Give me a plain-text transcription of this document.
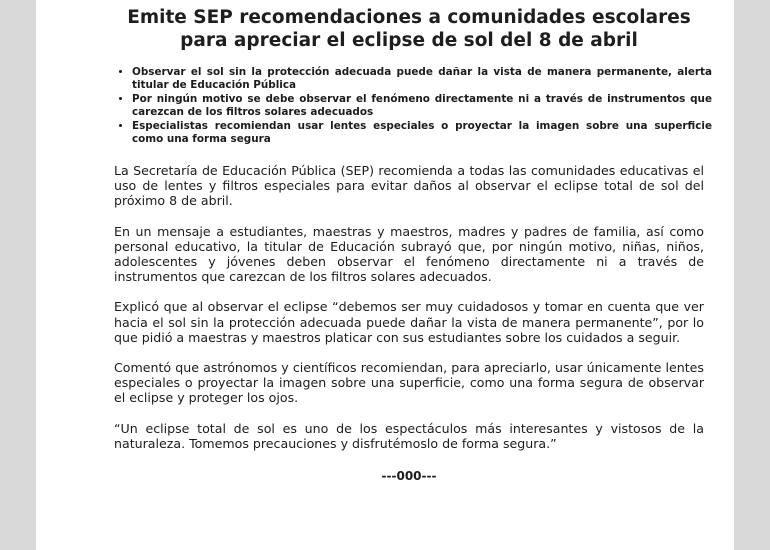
Emite SEP recomendaciones a comunidades escolares
para apreciar el eclipse de sol del 8 de abril
• Observar el sol sin la protección adecuada puede dañar la vista de manera permanente, alerta titular de Educación Pública
• Por ningún motivo se debe observar el fenómeno directamente ni a través de instrumentos que carezcan de los filtros solares adecuados
• Especialistas recomiendan usar lentes especiales o proyectar la imagen sobre una superficie como una forma segura

La Secretaría de Educación Pública (SEP) recomienda a todas las comunidades educativas el uso de lentes y filtros especiales para evitar daños al observar el eclipse total de sol del próximo 8 de abril.

En un mensaje a estudiantes, maestras y maestros, madres y padres de familia, así como personal educativo, la titular de Educación subrayó que, por ningún motivo, niñas, niños, adolescentes y jóvenes deben observar el fenómeno directamente ni a través de instrumentos que carezcan de los filtros solares adecuados.

Explicó que al observar el eclipse “debemos ser muy cuidadosos y tomar en cuenta que ver hacia el sol sin la protección adecuada puede dañar la vista de manera permanente”, por lo que pidió a maestras y maestros platicar con sus estudiantes sobre los cuidados a seguir.

Comentó que astrónomos y científicos recomiendan, para apreciarlo, usar únicamente lentes especiales o proyectar la imagen sobre una superficie, como una forma segura de observar el eclipse y proteger los ojos.

“Un eclipse total de sol es uno de los espectáculos más interesantes y vistosos de la naturaleza. Tomemos precauciones y disfrutémoslo de forma segura.”

---000---
